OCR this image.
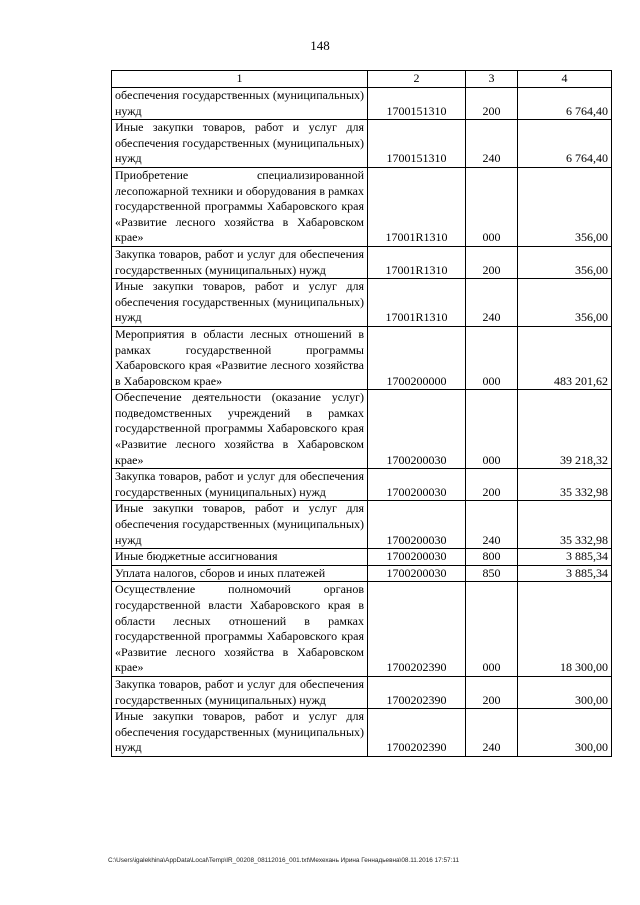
148
1	2	3	4
обеспечения государственных (муниципальных) нужд	1700151310	200	6 764,40
Иные закупки товаров, работ и услуг для обеспечения государственных (муниципальных) нужд	1700151310	240	6 764,40
Приобретение специализированной лесопожарной техники и оборудования в рамках государственной программы Хабаровского края «Развитие лесного хозяйства в Хабаровском крае»	17001R1310	000	356,00
Закупка товаров, работ и услуг для обеспечения государственных (муниципальных) нужд	17001R1310	200	356,00
Иные закупки товаров, работ и услуг для обеспечения государственных (муниципальных) нужд	17001R1310	240	356,00
Мероприятия в области лесных отношений в рамках государственной программы Хабаровского края «Развитие лесного хозяйства в Хабаровском крае»	1700200000	000	483 201,62
Обеспечение деятельности (оказание услуг) подведомственных учреждений в рамках государственной программы Хабаровского края «Развитие лесного хозяйства в Хабаровском крае»	1700200030	000	39 218,32
Закупка товаров, работ и услуг для обеспечения государственных (муниципальных) нужд	1700200030	200	35 332,98
Иные закупки товаров, работ и услуг для обеспечения государственных (муниципальных) нужд	1700200030	240	35 332,98
Иные бюджетные ассигнования	1700200030	800	3 885,34
Уплата налогов, сборов и иных платежей	1700200030	850	3 885,34
Осуществление полномочий органов государственной власти Хабаровского края в области лесных отношений в рамках государственной программы Хабаровского края «Развитие лесного хозяйства в Хабаровском крае»	1700202390	000	18 300,00
Закупка товаров, работ и услуг для обеспечения государственных (муниципальных) нужд	1700202390	200	300,00
Иные закупки товаров, работ и услуг для обеспечения государственных (муниципальных) нужд	1700202390	240	300,00
C:\Users\igalekhina\AppData\Local\Temp\IR_00208_08112016_001.txt\Мехехань Ирина Геннадьевна\08.11.2016 17:57:11
